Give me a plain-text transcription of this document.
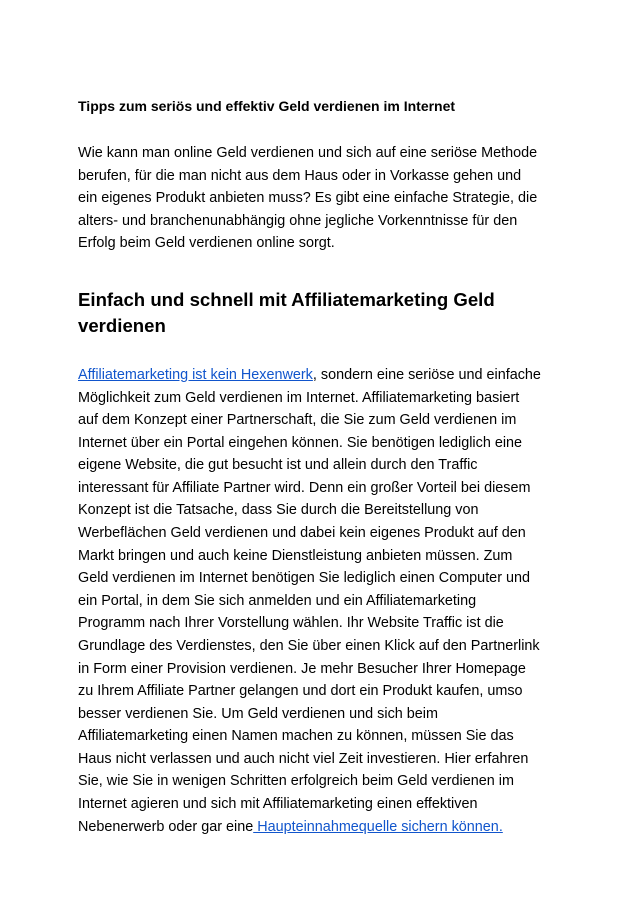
Tipps zum seriös und effektiv Geld verdienen im Internet

Wie kann man online Geld verdienen und sich auf eine seriöse Methode
berufen, für die man nicht aus dem Haus oder in Vorkasse gehen und
ein eigenes Produkt anbieten muss? Es gibt eine einfache Strategie, die
alters- und branchenunabhängig ohne jegliche Vorkenntnisse für den
Erfolg beim Geld verdienen online sorgt.

Einfach und schnell mit Affiliatemarketing Geld
verdienen

Affiliatemarketing ist kein Hexenwerk, sondern eine seriöse und einfache
Möglichkeit zum Geld verdienen im Internet. Affiliatemarketing basiert
auf dem Konzept einer Partnerschaft, die Sie zum Geld verdienen im
Internet über ein Portal eingehen können. Sie benötigen lediglich eine
eigene Website, die gut besucht ist und allein durch den Traffic
interessant für Affiliate Partner wird. Denn ein großer Vorteil bei diesem
Konzept ist die Tatsache, dass Sie durch die Bereitstellung von
Werbeflächen Geld verdienen und dabei kein eigenes Produkt auf den
Markt bringen und auch keine Dienstleistung anbieten müssen. Zum
Geld verdienen im Internet benötigen Sie lediglich einen Computer und
ein Portal, in dem Sie sich anmelden und ein Affiliatemarketing
Programm nach Ihrer Vorstellung wählen. Ihr Website Traffic ist die
Grundlage des Verdienstes, den Sie über einen Klick auf den Partnerlink
in Form einer Provision verdienen. Je mehr Besucher Ihrer Homepage
zu Ihrem Affiliate Partner gelangen und dort ein Produkt kaufen, umso
besser verdienen Sie. Um Geld verdienen und sich beim
Affiliatemarketing einen Namen machen zu können, müssen Sie das
Haus nicht verlassen und auch nicht viel Zeit investieren. Hier erfahren
Sie, wie Sie in wenigen Schritten erfolgreich beim Geld verdienen im
Internet agieren und sich mit Affiliatemarketing einen effektiven
Nebenerwerb oder gar eine Haupteinnahmequelle sichern können.
